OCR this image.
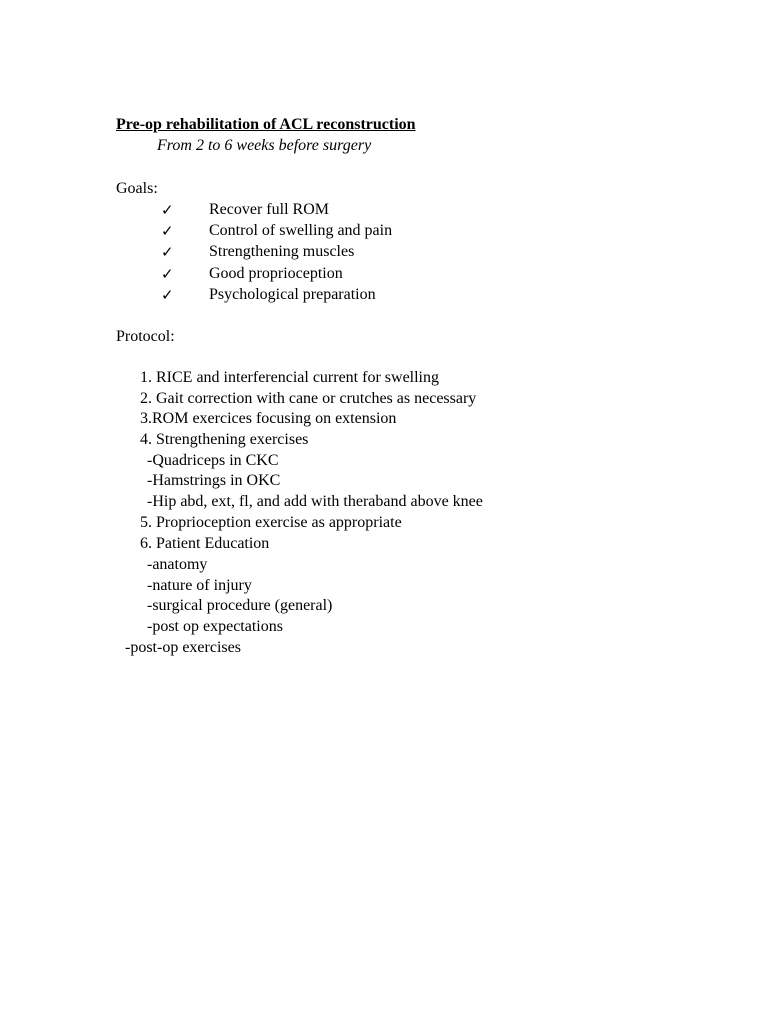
Pre-op rehabilitation of ACL reconstruction
From 2 to 6 weeks before surgery
Goals:
✓ Recover full ROM
✓ Control of swelling and pain
✓ Strengthening muscles
✓ Good proprioception
✓ Psychological preparation
Protocol:
1. RICE and interferencial current for swelling
2. Gait correction with cane or crutches as necessary
3.ROM exercices focusing on extension
4. Strengthening exercises
-Quadriceps in CKC
-Hamstrings in OKC
-Hip abd, ext, fl, and add with theraband above knee
5. Proprioception exercise as appropriate
6. Patient Education
-anatomy
-nature of injury
-surgical procedure (general)
-post op expectations
-post-op exercises
